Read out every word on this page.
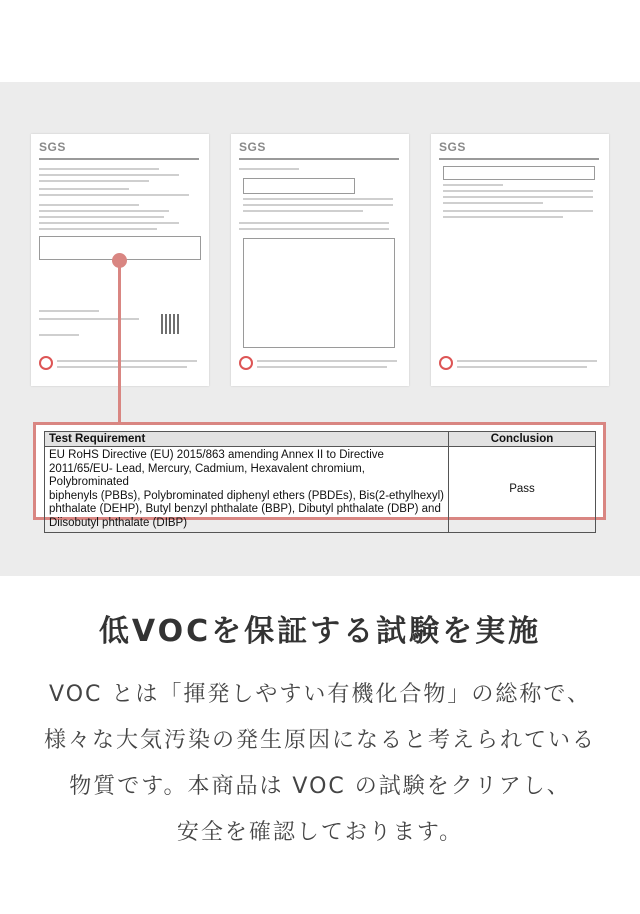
SGS	SGS	SGS
Test Requirement	Conclusion

EU RoHS Directive (EU) 2015/863 amending Annex II to Directive
2011/65/EU- Lead, Mercury, Cadmium, Hexavalent chromium, Polybrominated
biphenyls (PBBs), Polybrominated diphenyl ethers (PBDEs), Bis(2-ethylhexyl)
phthalate (DEHP), Butyl benzyl phthalate (BBP), Dibutyl phthalate (DBP) and
Diisobutyl phthalate (DIBP)	Pass
低VOCを保証する試験を実施
VOC とは「揮発しやすい有機化合物」の総称で、
様々な大気汚染の発生原因になると考えられている
物質です。本商品は VOC の試験をクリアし、
安全を確認しております。
